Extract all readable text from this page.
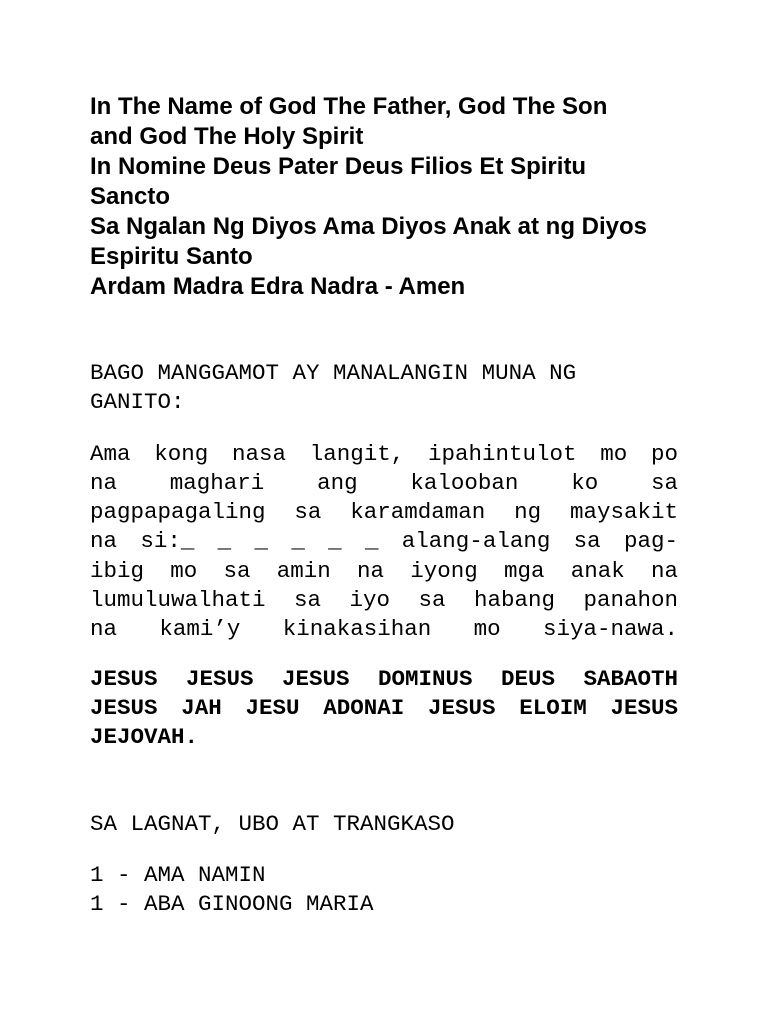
In The Name of God The Father, God The Son
and God The Holy Spirit
In Nomine Deus Pater Deus Filios Et Spiritu
Sancto
Sa Ngalan Ng Diyos Ama Diyos Anak at ng Diyos
Espiritu Santo
Ardam Madra Edra Nadra - Amen
BAGO MANGGAMOT AY MANALANGIN MUNA NG
GANITO:
Ama kong nasa langit, ipahintulot mo po
na maghari ang kalooban ko sa
pagpapagaling sa karamdaman ng maysakit
na si:_ _ _ _ _ _ alang-alang sa pag-
ibig mo sa amin na iyong mga anak na
lumuluwalhati sa iyo sa habang panahon
na kami’y kinakasihan mo siya-nawa.
JESUS JESUS JESUS DOMINUS DEUS SABAOTH
JESUS JAH JESU ADONAI JESUS ELOIM JESUS
JEJOVAH.
SA LAGNAT, UBO AT TRANGKASO
1 - AMA NAMIN
1 - ABA GINOONG MARIA
